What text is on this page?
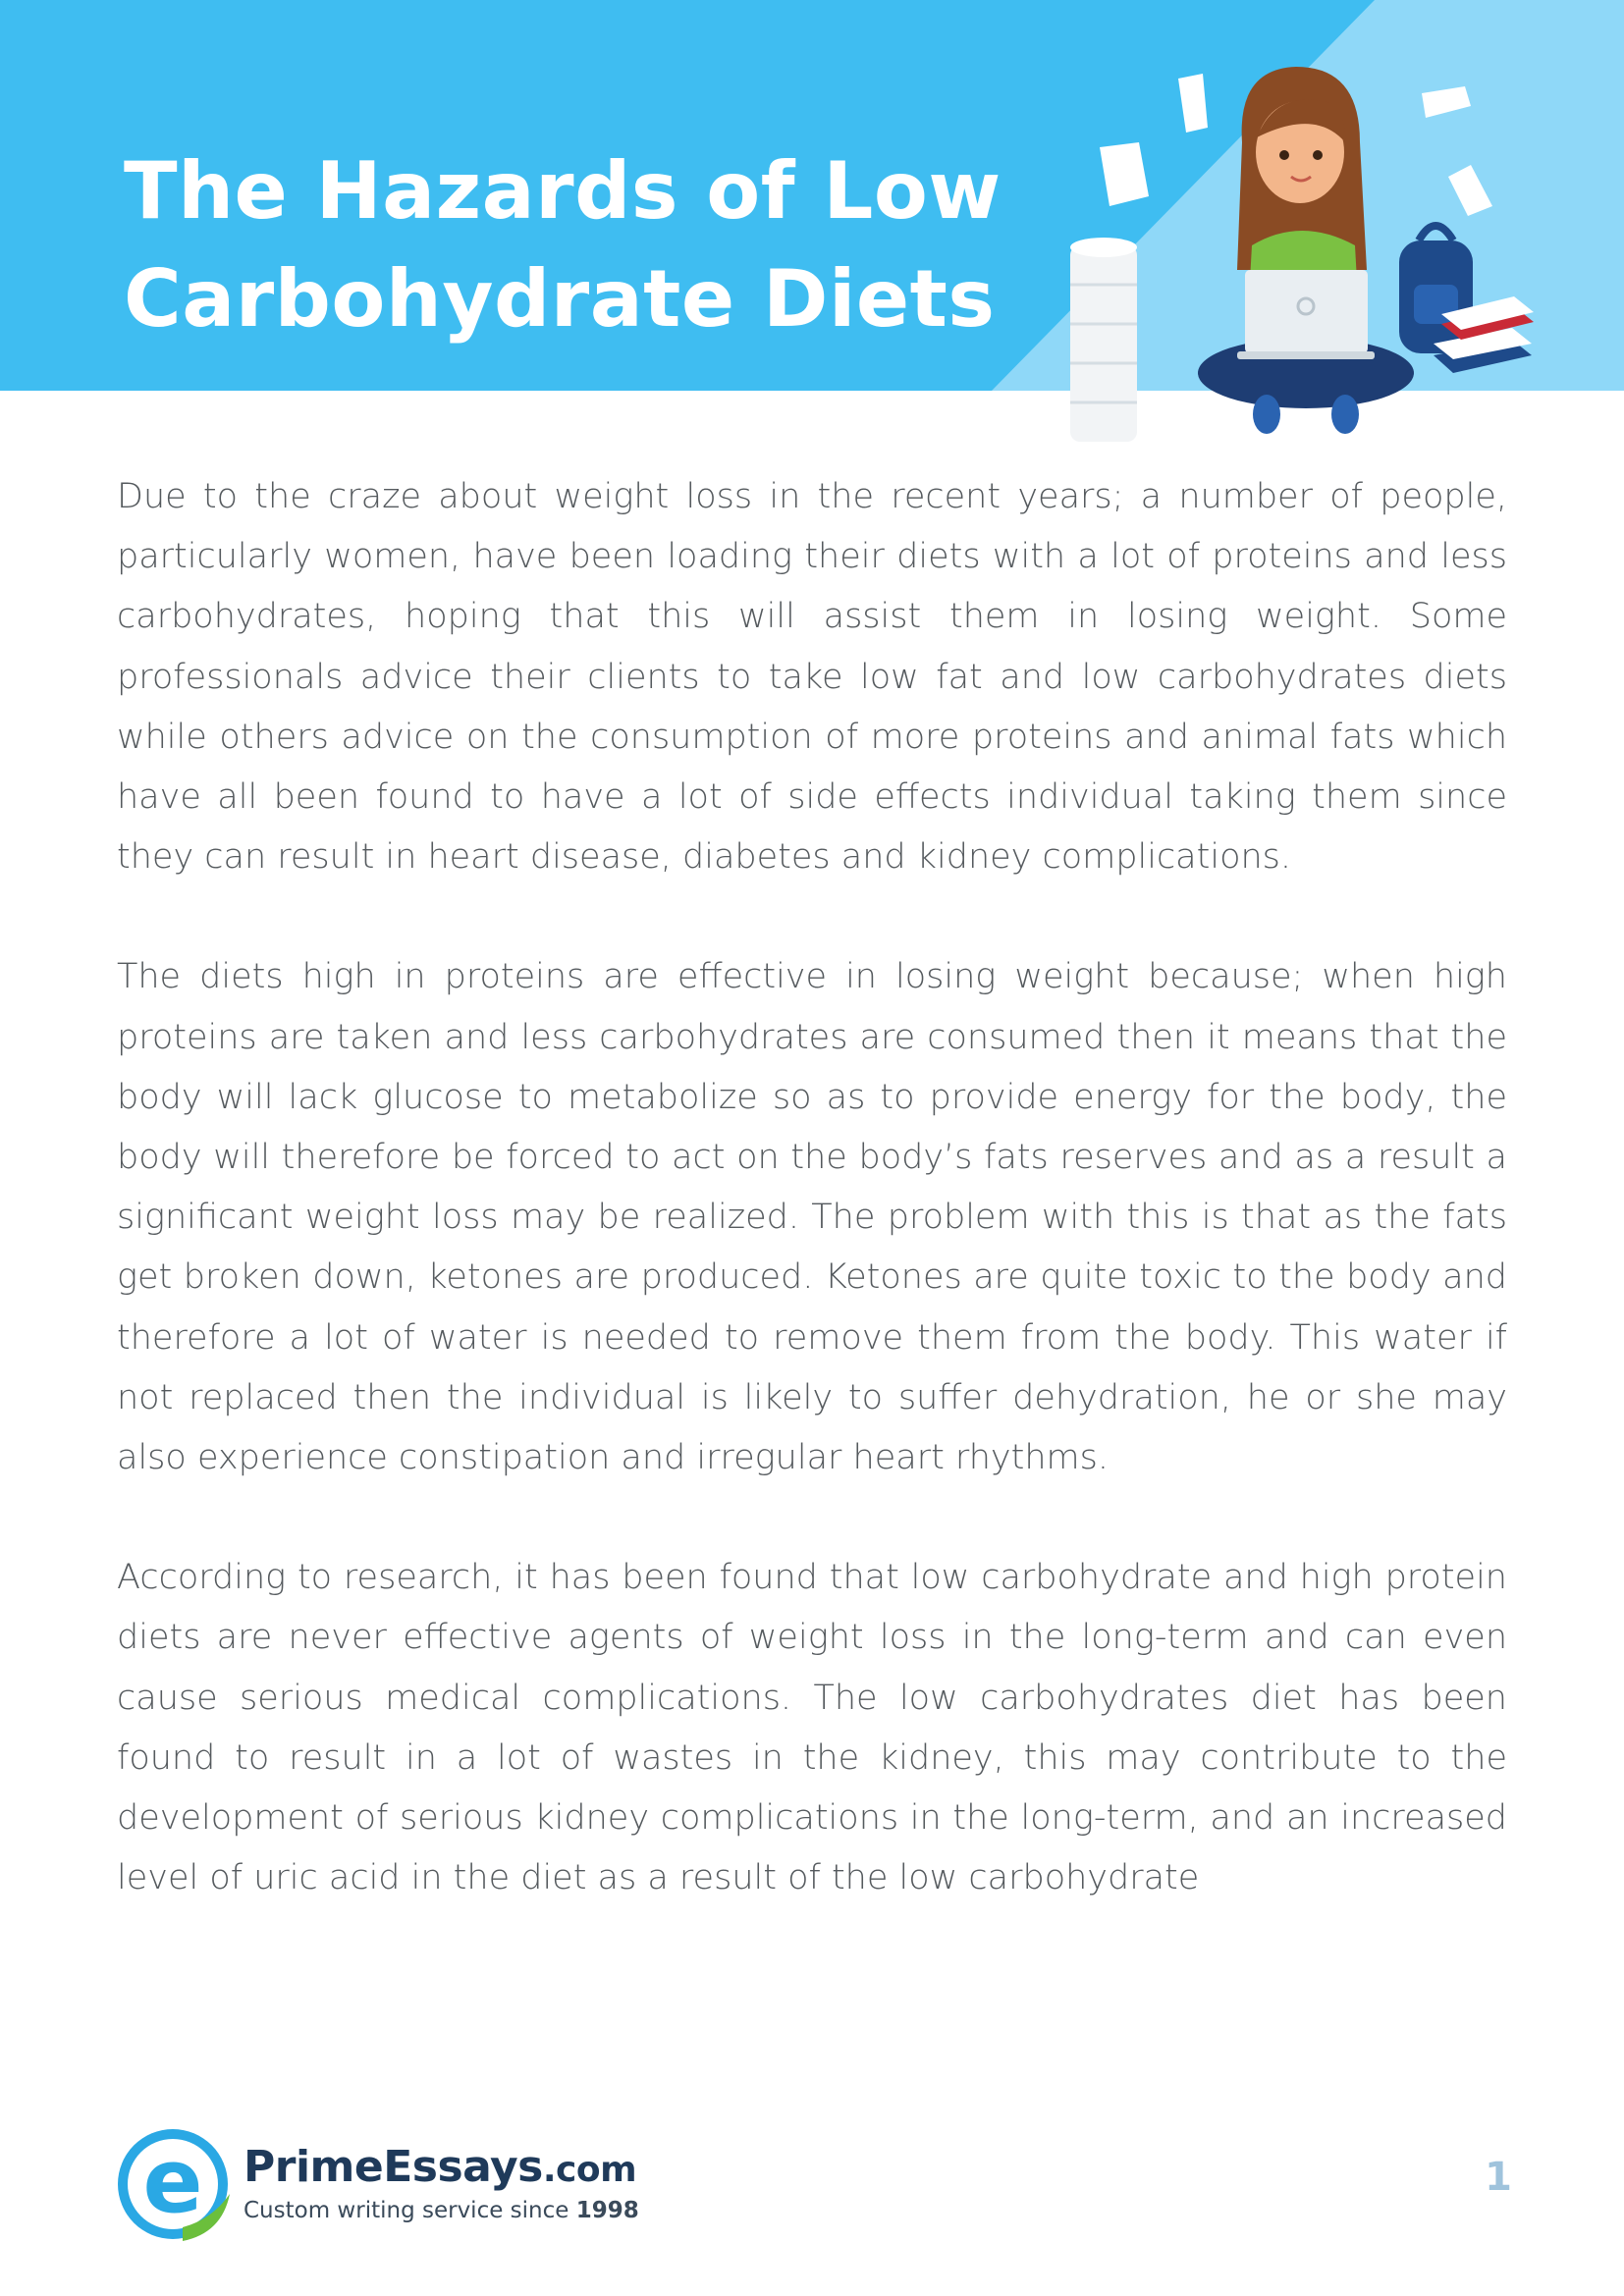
The Hazards of Low
Carbohydrate Diets

Due to the craze about weight loss in the recent years; a number of people, particularly women, have been loading their diets with a lot of proteins and less carbohydrates, hoping that this will assist them in losing weight. Some professionals advice their clients to take low fat and low carbohydrates diets while others advice on the consumption of more proteins and animal fats which have all been found to have a lot of side effects individual taking them since they can result in heart disease, diabetes and kidney complications.

The diets high in proteins are effective in losing weight because; when high proteins are taken and less carbohydrates are consumed then it means that the body will lack glucose to metabolize so as to provide energy for the body, the body will therefore be forced to act on the body’s fats reserves and as a result a significant weight loss may be realized. The problem with this is that as the fats get broken down, ketones are produced. Ketones are quite toxic to the body and therefore a lot of water is needed to remove them from the body. This water if not replaced then the individual is likely to suffer dehydration, he or she may also experience constipation and irregular heart rhythms.

According to research, it has been found that low carbohydrate and high protein diets are never effective agents of weight loss in the long-term and can even cause serious medical complications. The low carbohydrates diet has been found to result in a lot of wastes in the kidney, this may contribute to the development of serious kidney complications in the long-term, and an increased level of uric acid in the diet as a result of the low carbohydrate

e PrimeEssays.com
Custom writing service since 1998
1
